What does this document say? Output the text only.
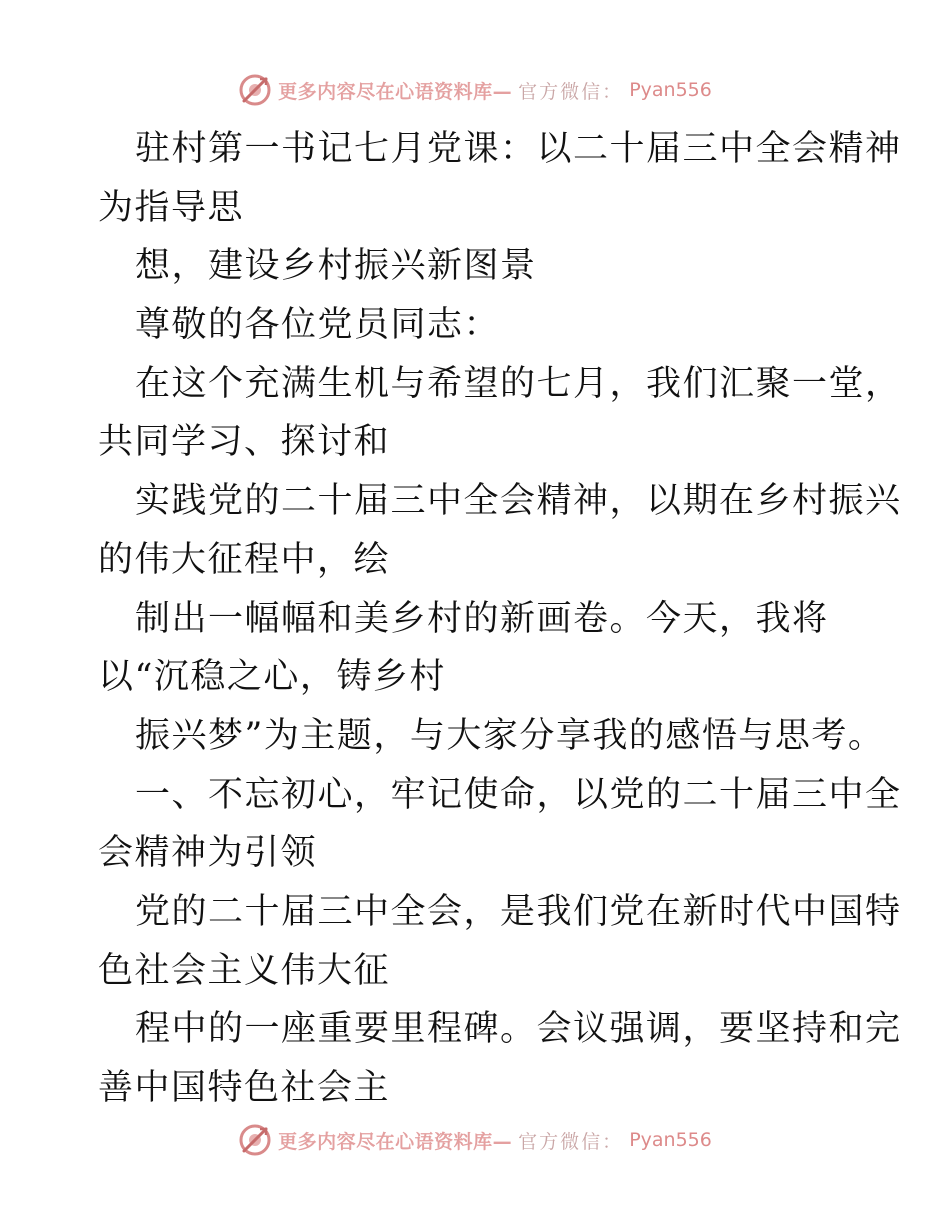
更多内容尽在心语资料库— 官方微信： Pyan556
驻村第一书记七月党课：以二十届三中全会精神
为指导思
想，建设乡村振兴新图景
尊敬的各位党员同志：
在这个充满生机与希望的七月，我们汇聚一堂，
共同学习、探讨和
实践党的二十届三中全会精神，以期在乡村振兴
的伟大征程中，绘
制出一幅幅和美乡村的新画卷。今天，我将
以“沉稳之心，铸乡村
振兴梦”为主题，与大家分享我的感悟与思考。
一、不忘初心，牢记使命，以党的二十届三中全
会精神为引领
党的二十届三中全会，是我们党在新时代中国特
色社会主义伟大征
程中的一座重要里程碑。会议强调，要坚持和完
善中国特色社会主
更多内容尽在心语资料库— 官方微信： Pyan556
